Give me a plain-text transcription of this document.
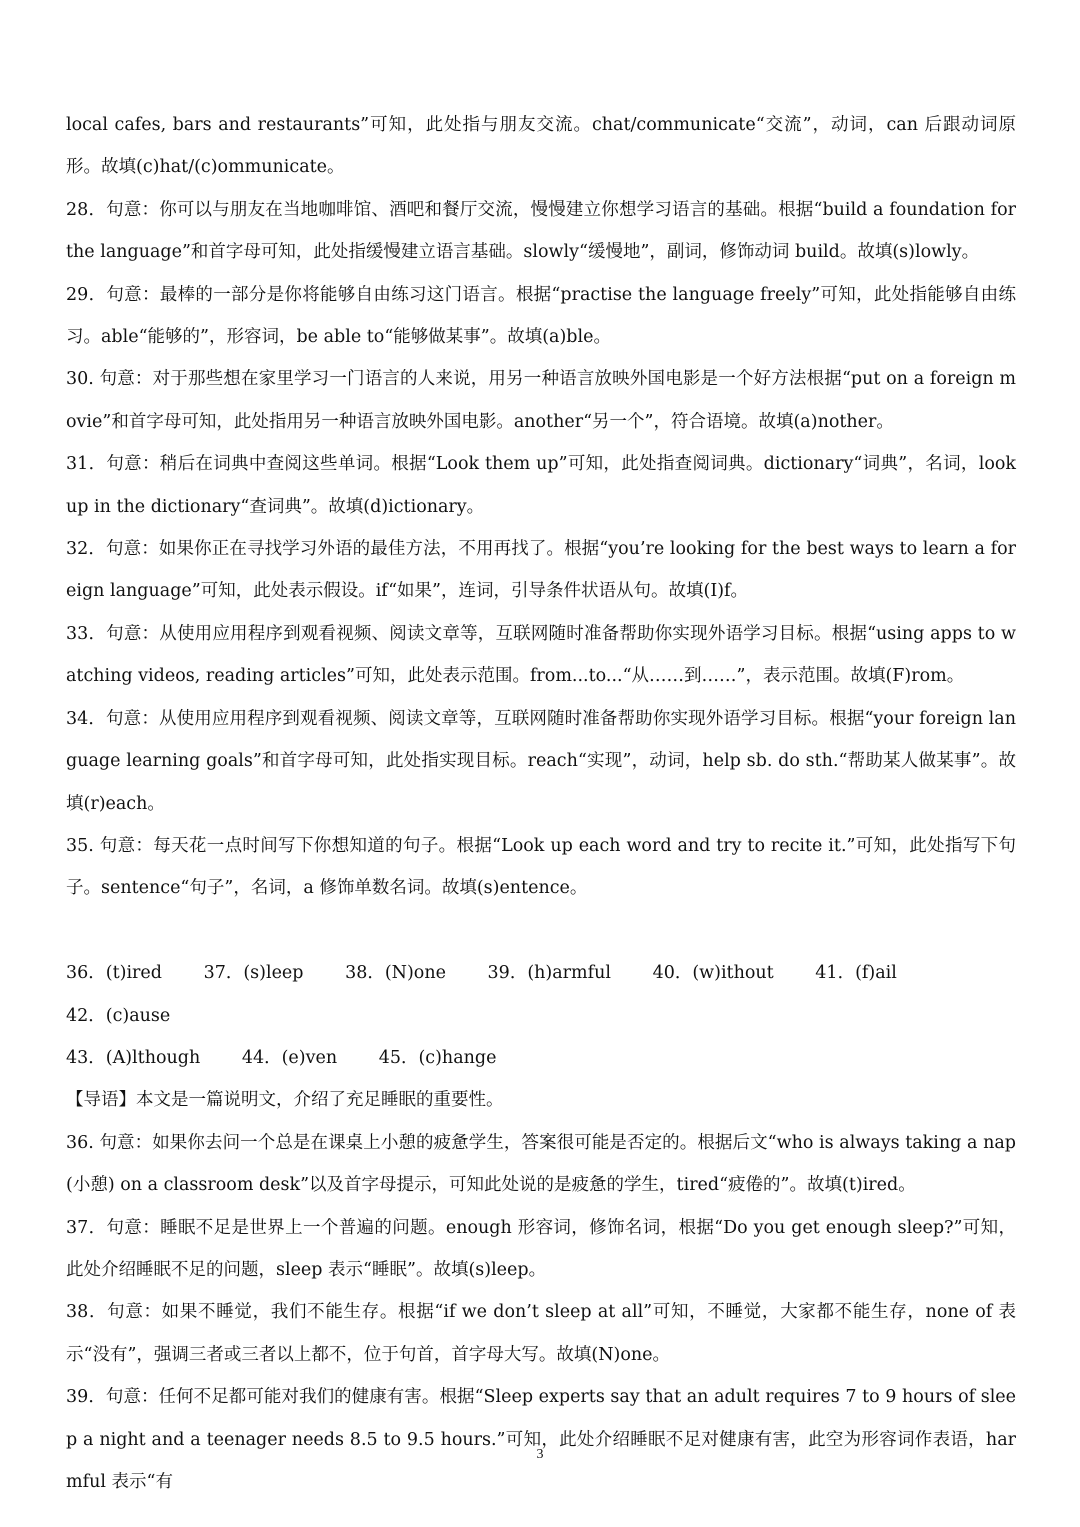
local cafes, bars and restaurants”可知，此处指与朋友交流。chat/communicate“交流”，动词，can 后跟动词原形。故填(c)hat/(c)ommunicate。

28．句意：你可以与朋友在当地咖啡馆、酒吧和餐厅交流，慢慢建立你想学习语言的基础。根据“build a foundation for the language”和首字母可知，此处指缓慢建立语言基础。slowly“缓慢地”，副词，修饰动词 build。故填(s)lowly。

29．句意：最棒的一部分是你将能够自由练习这门语言。根据“practise the language freely”可知，此处指能够自由练习。able“能够的”，形容词，be able to“能够做某事”。故填(a)ble。

30. 句意：对于那些想在家里学习一门语言的人来说，用另一种语言放映外国电影是一个好方法根据“put on a foreign movie”和首字母可知，此处指用另一种语言放映外国电影。another“另一个”，符合语境。故填(a)nother。

31．句意：稍后在词典中查阅这些单词。根据“Look them up”可知，此处指查阅词典。dictionary“词典”，名词，look up in the dictionary“查词典”。故填(d)ictionary。

32．句意：如果你正在寻找学习外语的最佳方法，不用再找了。根据“you’re looking for the best ways to learn a foreign language”可知，此处表示假设。if“如果”，连词，引导条件状语从句。故填(I)f。

33．句意：从使用应用程序到观看视频、阅读文章等，互联网随时准备帮助你实现外语学习目标。根据“using apps to watching videos, reading articles”可知，此处表示范围。from...to...“从……到……”，表示范围。故填(F)rom。

34．句意：从使用应用程序到观看视频、阅读文章等，互联网随时准备帮助你实现外语学习目标。根据“your foreign language learning goals”和首字母可知，此处指实现目标。reach“实现”，动词，help sb. do sth.“帮助某人做某事”。故填(r)each。

35. 句意：每天花一点时间写下你想知道的句子。根据“Look up each word and try to recite it.”可知，此处指写下句子。sentence“句子”，名词，a 修饰单数名词。故填(s)entence。

36．(t)ired 37．(s)leep 38．(N)one 39．(h)armful 40．(w)ithout 41．(f)ail 42．(c)ause

43．(A)lthough 44．(e)ven 45．(c)hange

【导语】本文是一篇说明文，介绍了充足睡眠的重要性。

36. 句意：如果你去问一个总是在课桌上小憩的疲惫学生，答案很可能是否定的。根据后文“who is always taking a nap (小憩) on a classroom desk”以及首字母提示，可知此处说的是疲惫的学生，tired“疲倦的”。故填(t)ired。

37．句意：睡眠不足是世界上一个普遍的问题。enough 形容词，修饰名词，根据“Do you get enough sleep?”可知，此处介绍睡眠不足的问题，sleep 表示“睡眠”。故填(s)leep。

38．句意：如果不睡觉，我们不能生存。根据“if we don’t sleep at all”可知，不睡觉，大家都不能生存，none of 表示“没有”，强调三者或三者以上都不，位于句首，首字母大写。故填(N)one。

39．句意：任何不足都可能对我们的健康有害。根据“Sleep experts say that an adult requires 7 to 9 hours of sleep a night and a teenager needs 8.5 to 9.5 hours.”可知，此处介绍睡眠不足对健康有害，此空为形容词作表语，harmful 表示“有

3
